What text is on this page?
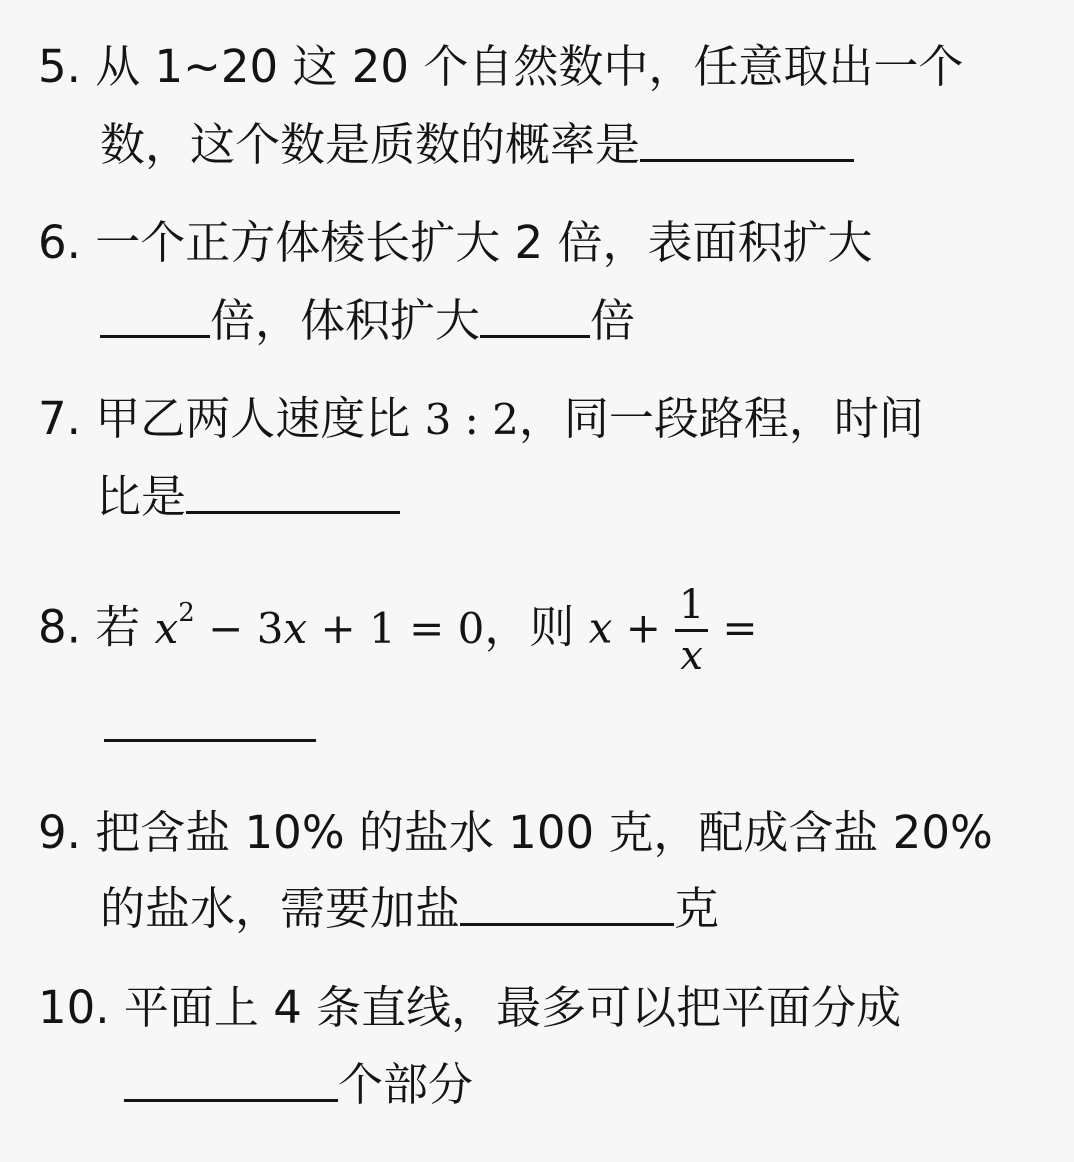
5. 从 1~20 这 20 个自然数中，任意取出一个
数，这个数是质数的概率是
6. 一个正方体棱长扩大 2 倍，表面积扩大
倍，体积扩大 倍
7. 甲乙两人速度比 3 : 2，同一段路程，时间
比是
8. 若 $x^2 - 3x + 1 = 0$，则 $x + \frac{1}{x}$ =
9. 把含盐 10% 的盐水 100 克，配成含盐 20%
的盐水，需要加盐	克
10. 平面上 4 条直线，最多可以把平面分成
个部分
